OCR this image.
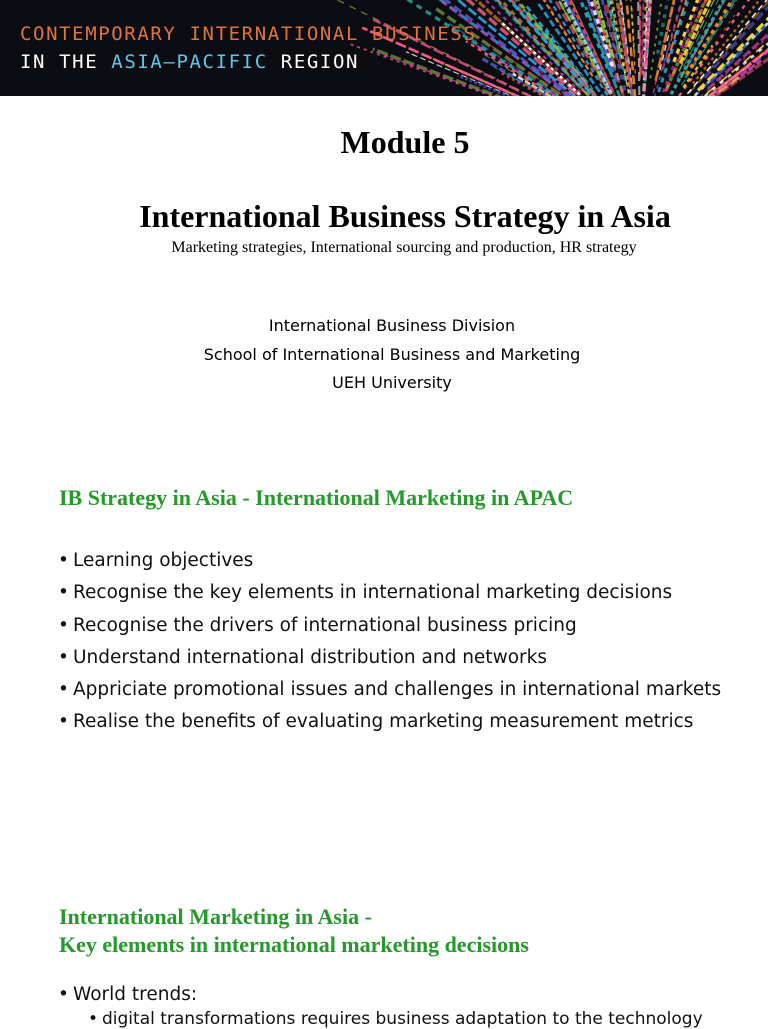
CONTEMPORARY INTERNATIONAL BUSINESS
IN THE ASIA–PACIFIC REGION
Module 5
International Business Strategy in Asia
Marketing strategies, International sourcing and production, HR strategy
International Business Division
School of International Business and Marketing
UEH University
IB Strategy in Asia - International Marketing in APAC
• Learning objectives
• Recognise the key elements in international marketing decisions
• Recognise the drivers of international business pricing
• Understand international distribution and networks
• Appriciate promotional issues and challenges in international markets
• Realise the benefits of evaluating marketing measurement metrics
International Marketing in Asia -
Key elements in international marketing decisions
• World trends:
• digital transformations requires business adaptation to the technology
